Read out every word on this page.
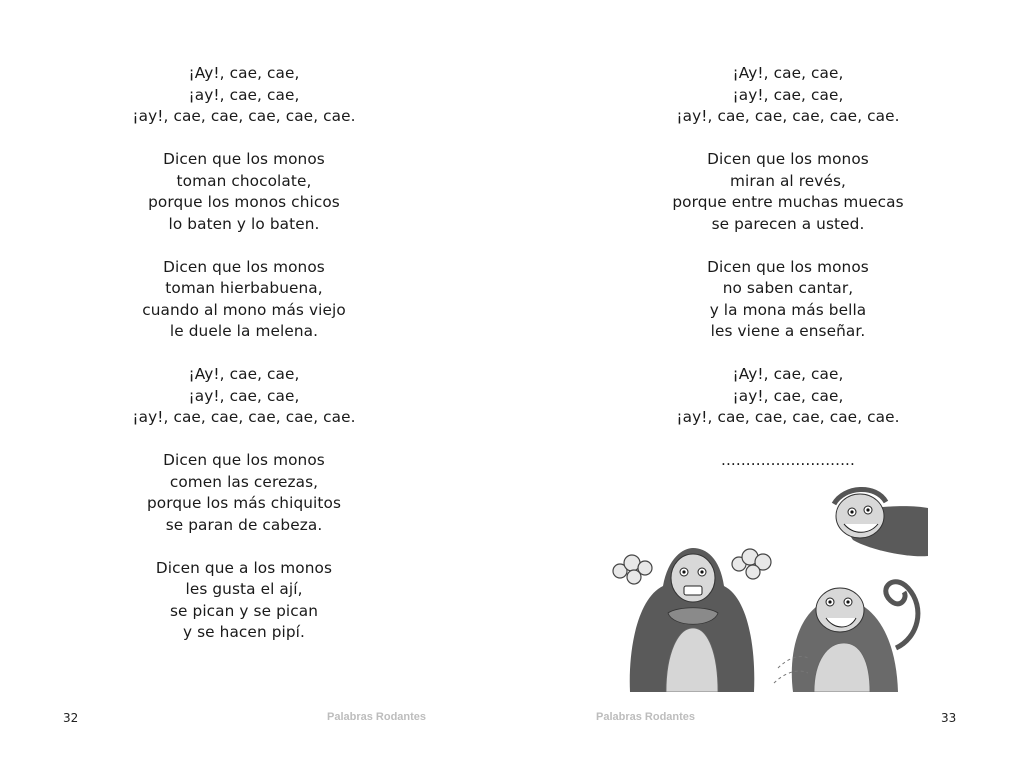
¡Ay!, cae, cae,
¡ay!, cae, cae,
¡ay!, cae, cae, cae, cae, cae.
Dicen que los monos
toman chocolate,
porque los monos chicos
lo baten y lo baten.
Dicen que los monos
toman hierbabuena,
cuando al mono más viejo
le duele la melena.
¡Ay!, cae, cae,
¡ay!, cae, cae,
¡ay!, cae, cae, cae, cae, cae.
Dicen que los monos
comen las cerezas,
porque los más chiquitos
se paran de cabeza.
Dicen que a los monos
les gusta el ají,
se pican y se pican
y se hacen pipí.
32	Palabras Rodantes
¡Ay!, cae, cae,
¡ay!, cae, cae,
¡ay!, cae, cae, cae, cae, cae.
Dicen que los monos
miran al revés,
porque entre muchas muecas
se parecen a usted.
Dicen que los monos
no saben cantar,
y la mona más bella
les viene a enseñar.
¡Ay!, cae, cae,
¡ay!, cae, cae,
¡ay!, cae, cae, cae, cae, cae.
...........................
33
Palabras Rodantes
